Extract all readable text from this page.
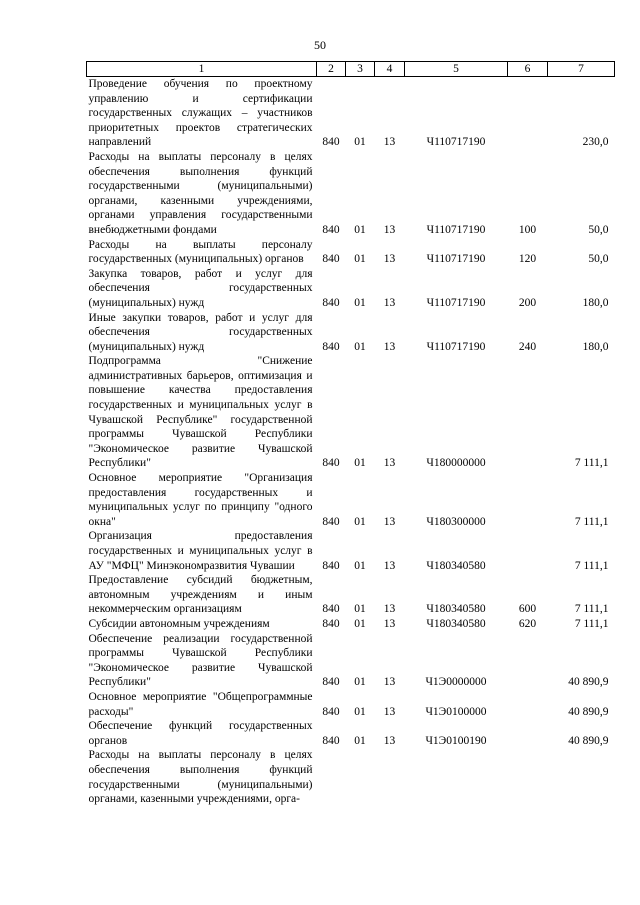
50
1	2	3	4	5	6	7
Проведение обучения по проектному управлению и сертификации государственных служащих – участников приоритетных проектов стратегических направлений	840	01	13	Ч110717190		230,0
Расходы на выплаты персоналу в целях обеспечения выполнения функций государственными (муниципальными) органами, казенными учреждениями, органами управления государственными внебюджетными фондами	840	01	13	Ч110717190	100	50,0
Расходы на выплаты персоналу государственных (муниципальных) органов	840	01	13	Ч110717190	120	50,0
Закупка товаров, работ и услуг для обеспечения государственных (муниципальных) нужд	840	01	13	Ч110717190	200	180,0
Иные закупки товаров, работ и услуг для обеспечения государственных (муниципальных) нужд	840	01	13	Ч110717190	240	180,0
Подпрограмма "Снижение административных барьеров, оптимизация и повышение качества предоставления государственных и муниципальных услуг в Чувашской Республике" государственной программы Чувашской Республики "Экономическое развитие Чувашской Республики"	840	01	13	Ч180000000		7 111,1
Основное мероприятие "Организация предоставления государственных и муниципальных услуг по принципу "одного окна"	840	01	13	Ч180300000		7 111,1
Организация предоставления государственных и муниципальных услуг в АУ "МФЦ" Минэкономразвития Чувашии	840	01	13	Ч180340580		7 111,1
Предоставление субсидий бюджетным, автономным учреждениям и иным некоммерческим организациям	840	01	13	Ч180340580	600	7 111,1
Субсидии автономным учреждениям	840	01	13	Ч180340580	620	7 111,1
Обеспечение реализации государственной программы Чувашской Республики "Экономическое развитие Чувашской Республики"	840	01	13	Ч1Э0000000		40 890,9
Основное мероприятие "Общепрограммные расходы"	840	01	13	Ч1Э0100000		40 890,9
Обеспечение функций государственных органов	840	01	13	Ч1Э0100190		40 890,9
Расходы на выплаты персоналу в целях обеспечения выполнения функций государственными (муниципальными) органами, казенными учреждениями, орга-						
